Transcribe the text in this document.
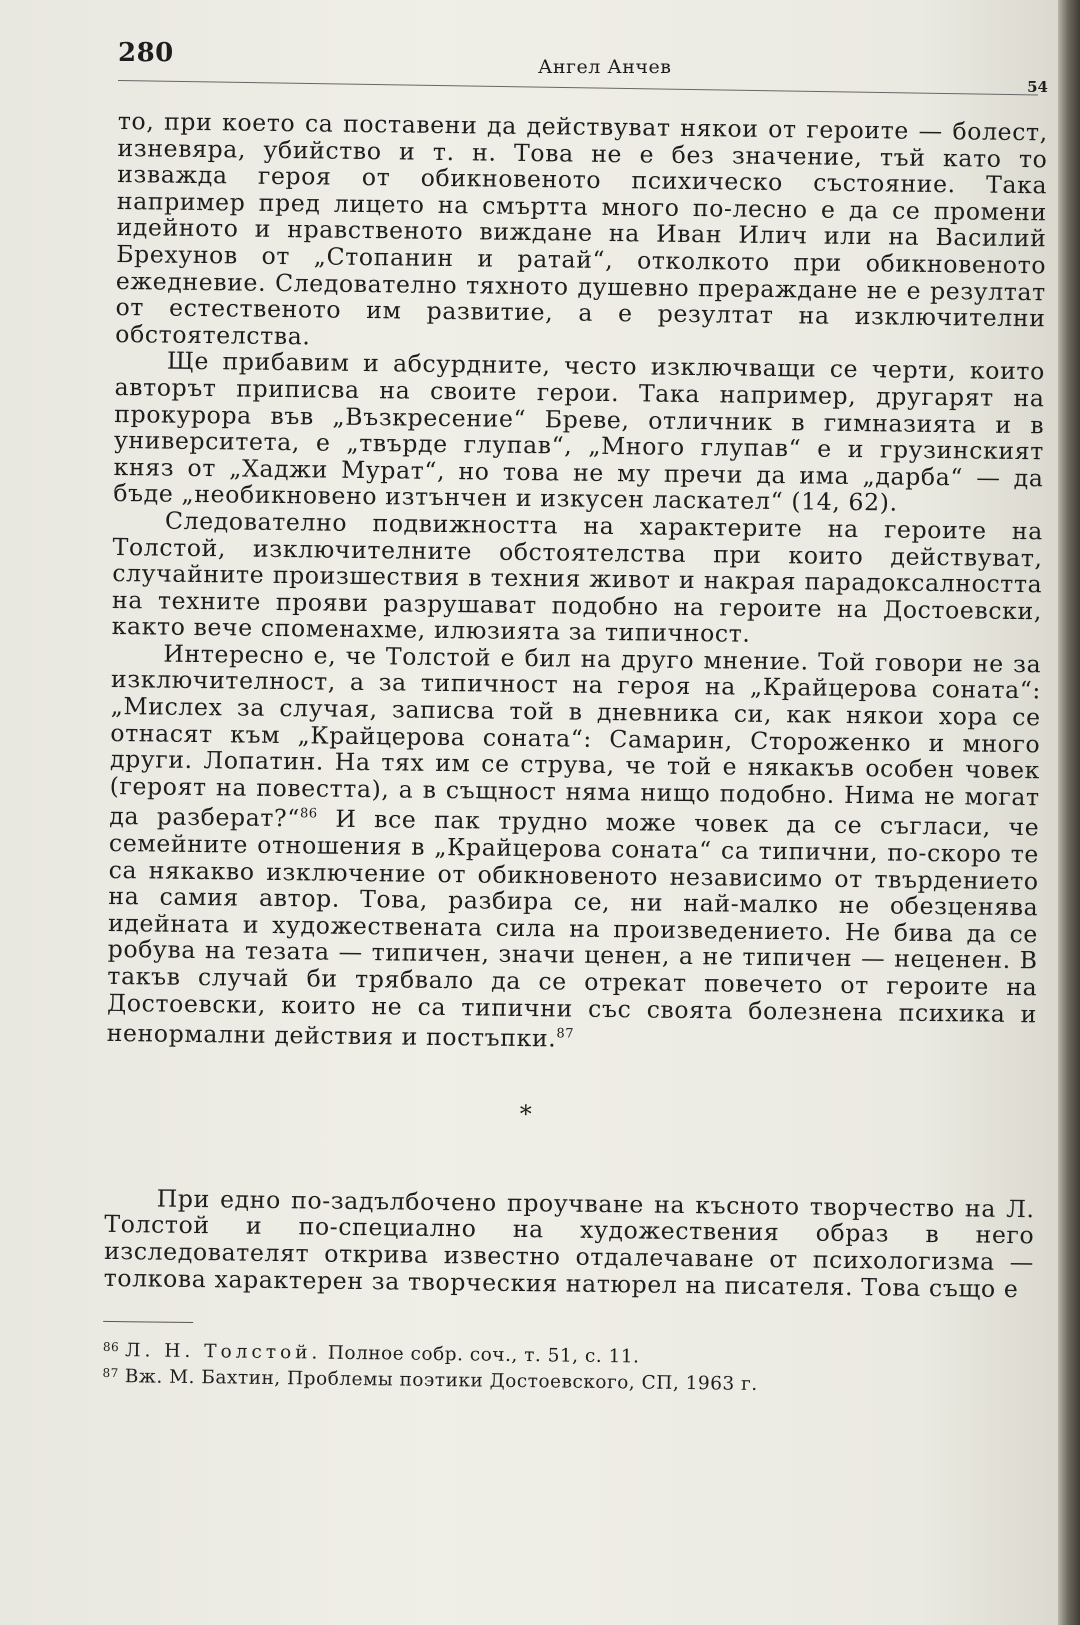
280	Ангел Анчев
54

то, при което са поставени да действуват някои от героите — болест, изневяра, убийство и т. н. Това не е без значение, тъй като то изважда героя от обикновеното психическо състояние. Така например пред лицето на смъртта много по-лесно е да се промени идейното и нравственото виждане на Иван Илич или на Василий Брехунов от „Стопанин и ратай“, отколкото при обикновеното ежедневие. Следователно тяхното душевно прераждане не е резултат от естественото им развитие, а е резултат на изключителни обстоятелства.

Ще прибавим и абсурдните, често изключващи се черти, които авторът приписва на своите герои. Така например, другарят на прокурора във „Възкресение“ Бреве, отличник в гимназията и в университета, е „твърде глупав“, „Много глупав“ е и грузинският княз от „Хаджи Мурат“, но това не му пречи да има „дарба“ — да бъде „необикновено изтънчен и изкусен ласкател“ (14, 62).

Следователно подвижността на характерите на героите на Толстой, изключителните обстоятелства при които действуват, случайните произшествия в техния живот и накрая парадоксалността на техните прояви разрушават подобно на героите на Достоевски, както вече споменахме, илюзията за типичност.

Интересно е, че Толстой е бил на друго мнение. Той говори не за изключителност, а за типичност на героя на „Крайцерова соната“: „Мислех за случая, записва той в дневника си, как някои хора се отнасят към „Крайцерова соната“: Самарин, Стороженко и много други. Лопатин. На тях им се струва, че той е някакъв особен човек (героят на повестта), а в същност няма нищо подобно. Нима не могат да разберат?“$^{86}$ И все пак трудно може човек да се съгласи, че семейните отношения в „Крайцерова соната“ са типични, по-скоро те са някакво изключение от обикновеното независимо от твърдението на самия автор. Това, разбира се, ни най-малко не обезценява идейната и художествената сила на произведението. Не бива да се робува на тезата — типичен, значи ценен, а не типичен — неценен. В такъв случай би трябвало да се отрекат повечето от героите на Достоевски, които не са типични със своята болезнена психика и ненормални действия и постъпки.$^{87}$

*

При едно по-задълбочено проучване на късното творчество на Л. Толстой и по-специално на художествения образ в него изследователят открива известно отдалечаване от психологизма — толкова характерен за творческия натюрел на писателя. Това също е

$^{86}$ Л. Н. Толстой. Полное собр. соч., т. 51, с. 11.
$^{87}$ Вж. М. Бахтин, Проблемы поэтики Достоевского, СП, 1963 г.
